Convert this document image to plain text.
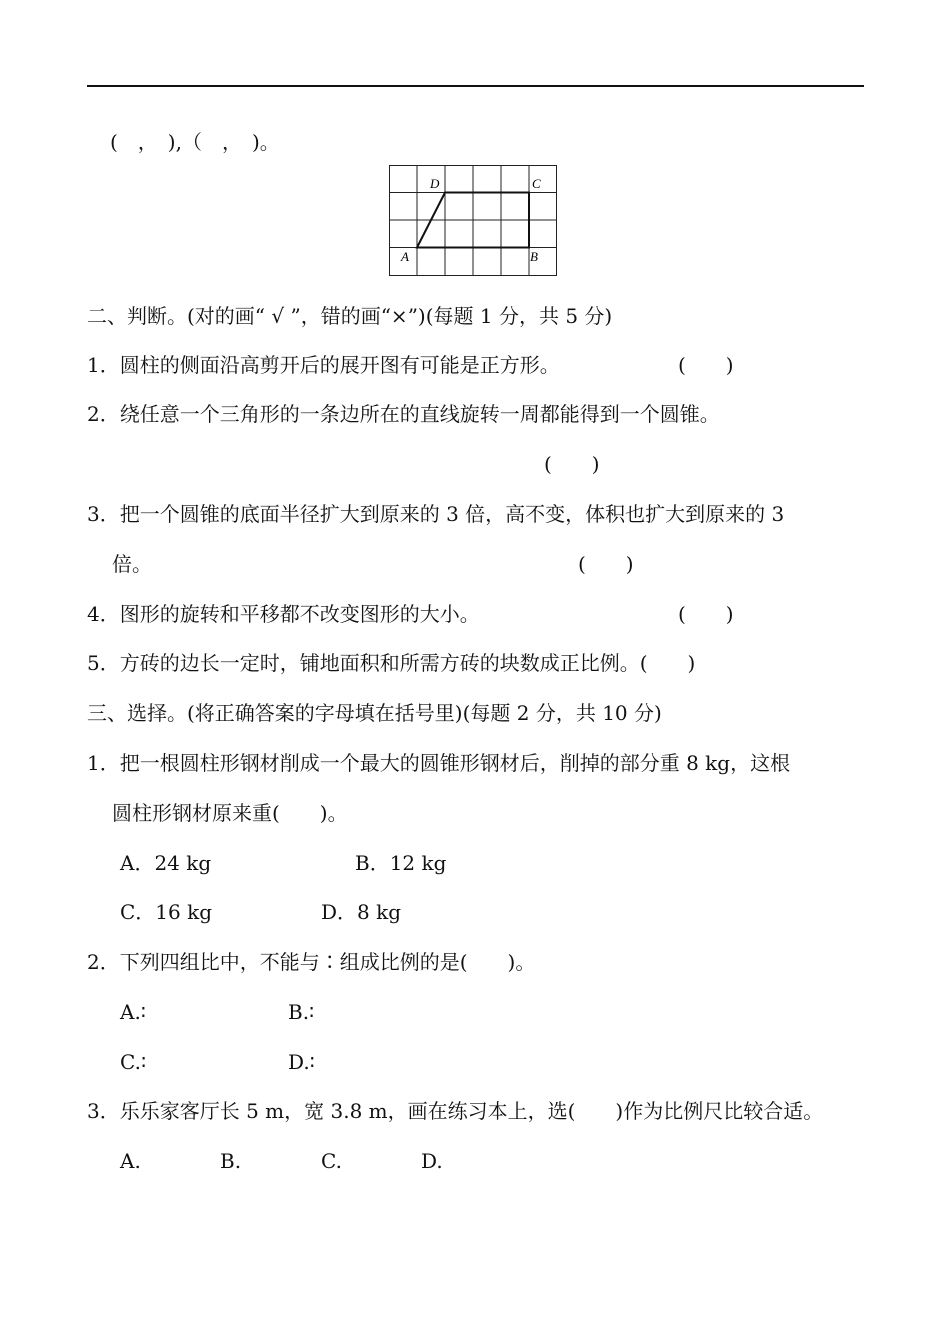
(　，　),（　，　)。
A	B
C
D
二、判断。(对的画“ √ ”，错的画“×”)(每题 1 分，共 5 分)
1．圆柱的侧面沿高剪开后的展开图有可能是正方形。	(　　)
2．绕任意一个三角形的一条边所在的直线旋转一周都能得到一个圆锥。
(　　)
3．把一个圆锥的底面半径扩大到原来的 3 倍，高不变，体积也扩大到原来的 3
倍。	(　　)
4．图形的旋转和平移都不改变图形的大小。	(　　)
5．方砖的边长一定时，铺地面积和所需方砖的块数成正比例。(　　)
三、选择。(将正确答案的字母填在括号里)(每题 2 分，共 10 分)
1．把一根圆柱形钢材削成一个最大的圆锥形钢材后，削掉的部分重 8 kg，这根
圆柱形钢材原来重(　　)。
A．24 kg	B．12 kg
C．16 kg	D．8 kg
2．下列四组比中，不能与∶组成比例的是(　　)。
A.∶	B.∶
C.∶	D.∶
3．乐乐家客厅长 5 m，宽 3.8 m，画在练习本上，选(　　)作为比例尺比较合适。
A.	B.	C.	D.
